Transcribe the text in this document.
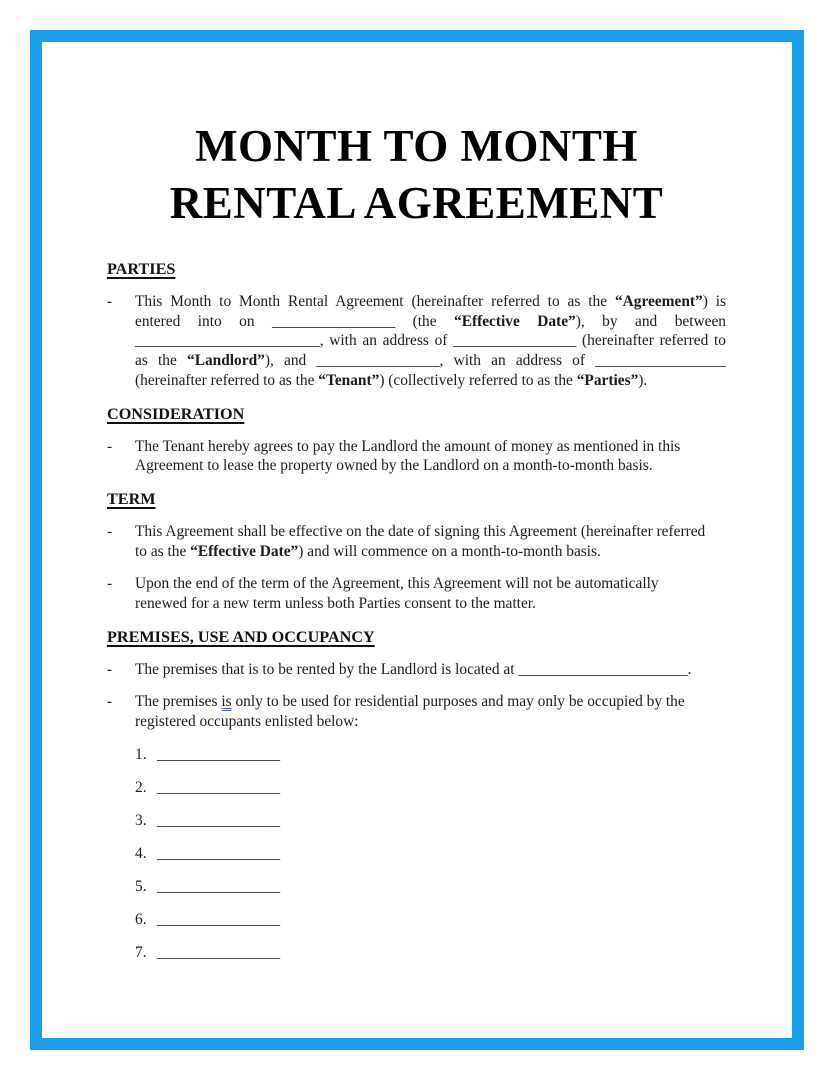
MONTH TO MONTH
RENTAL AGREEMENT
PARTIES
-	This Month to Month Rental Agreement (hereinafter referred to as the “Agreement”) is
entered into on ________________ (the “Effective Date”), by and between
________________________, with an address of ________________ (hereinafter referred to
as the “Landlord”), and ________________, with an address of _________________
(hereinafter referred to as the “Tenant”) (collectively referred to as the “Parties”).
CONSIDERATION
-	The Tenant hereby agrees to pay the Landlord the amount of money as mentioned in this
Agreement to lease the property owned by the Landlord on a month-to-month basis.
TERM
-	This Agreement shall be effective on the date of signing this Agreement (hereinafter referred
to as the “Effective Date”) and will commence on a month-to-month basis.
-	Upon the end of the term of the Agreement, this Agreement will not be automatically
renewed for a new term unless both Parties consent to the matter.
PREMISES, USE AND OCCUPANCY
-	The premises that is to be rented by the Landlord is located at ______________________.
-	The premises is only to be used for residential purposes and may only be occupied by the
registered occupants enlisted below:
1. ________________
2. ________________
3. ________________
4. ________________
5. ________________
6. ________________
7. ________________
